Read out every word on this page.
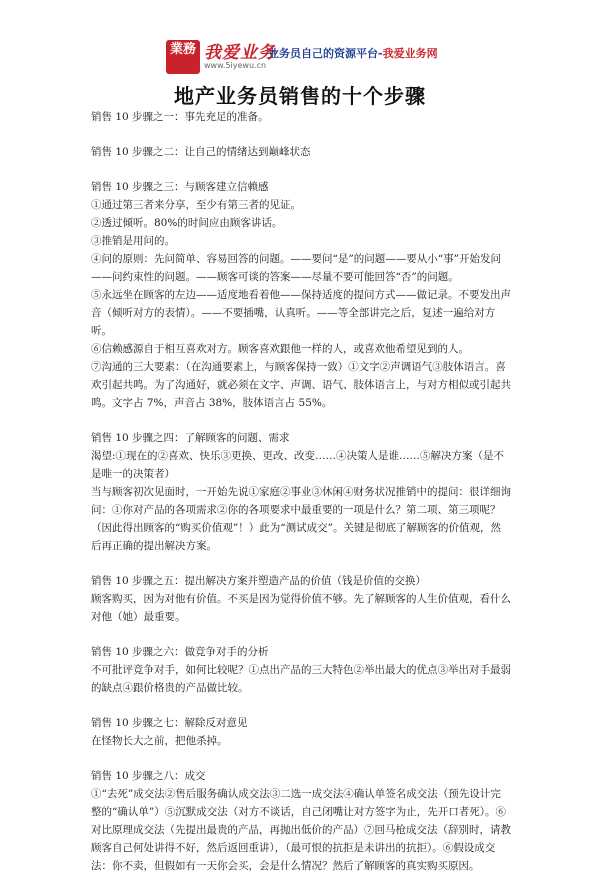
業務 我爱业务
www.5iyewu.cn
业务员自己的资源平台-我爱业务网
地产业务员销售的十个步骤

销售 10 步骤之一：事先充足的准备。

销售 10 步骤之二：让自己的情绪达到巅峰状态

销售 10 步骤之三：与顾客建立信赖感

①通过第三者来分享，至少有第三者的见证。

②透过倾听。80%的时间应由顾客讲话。

③推销是用问的。

④问的原则：先问简单、容易回答的问题。——要问“是”的问题——要从小“事”开始发问——问约束性的问题。——顾客可谈的答案——尽量不要可能回答“否”的问题。

⑤永远坐在顾客的左边——适度地看着他——保持适度的提问方式——做记录。不要发出声音（倾听对方的表情）。——不要插嘴，认真听。——等全部讲完之后，复述一遍给对方听。

⑥信赖感源自于相互喜欢对方。顾客喜欢跟他一样的人，或喜欢他希望见到的人。

⑦沟通的三大要素：（在沟通要素上，与顾客保持一致）①文字②声调语气③肢体语言。喜欢引起共鸣。为了沟通好，就必须在文字、声调、语气、肢体语言上，与对方相似或引起共鸣。文字占 7%，声音占 38%，肢体语言占 55%。

销售 10 步骤之四：了解顾客的问题、需求

渴望:①现在的②喜欢、快乐③更换、更改、改变……④决策人是谁……⑤解决方案（是不是唯一的决策者）

当与顾客初次见面时，一开始先说①家庭②事业③休闲④财务状况推销中的提问：很详细询问：①你对产品的各项需求②你的各项要求中最重要的一项是什么？第二项、第三项呢？（因此得出顾客的“购买价值观”！）此为“测试成交”。关键是彻底了解顾客的价值观，然后再正确的提出解决方案。

销售 10 步骤之五：提出解决方案并塑造产品的价值（钱是价值的交换）

顾客购买，因为对他有价值。不买是因为觉得价值不够。先了解顾客的人生价值观，看什么对他（她）最重要。

销售 10 步骤之六：做竞争对手的分析

不可批评竞争对手，如何比较呢？①点出产品的三大特色②举出最大的优点③举出对手最弱的缺点④跟价格贵的产品做比较。

销售 10 步骤之七：解除反对意见

在怪物长大之前，把他杀掉。

销售 10 步骤之八：成交

①“去死”成交法②售后服务确认成交法③二选一成交法④确认单签名成交法（预先设计完整的“确认单”）⑤沉默成交法（对方不谈话，自己闭嘴让对方签字为止，先开口者死）。⑥对比原理成交法（先提出最贵的产品，再抛出低价的产品）⑦回马枪成交法（辞别时，请教顾客自己何处讲得不好，然后返回重讲），（最可恨的抗拒是未讲出的抗拒）。⑥假设成交法：你不卖，但假如有一天你会买，会是什么情况？然后了解顾客的真实购买原因。
